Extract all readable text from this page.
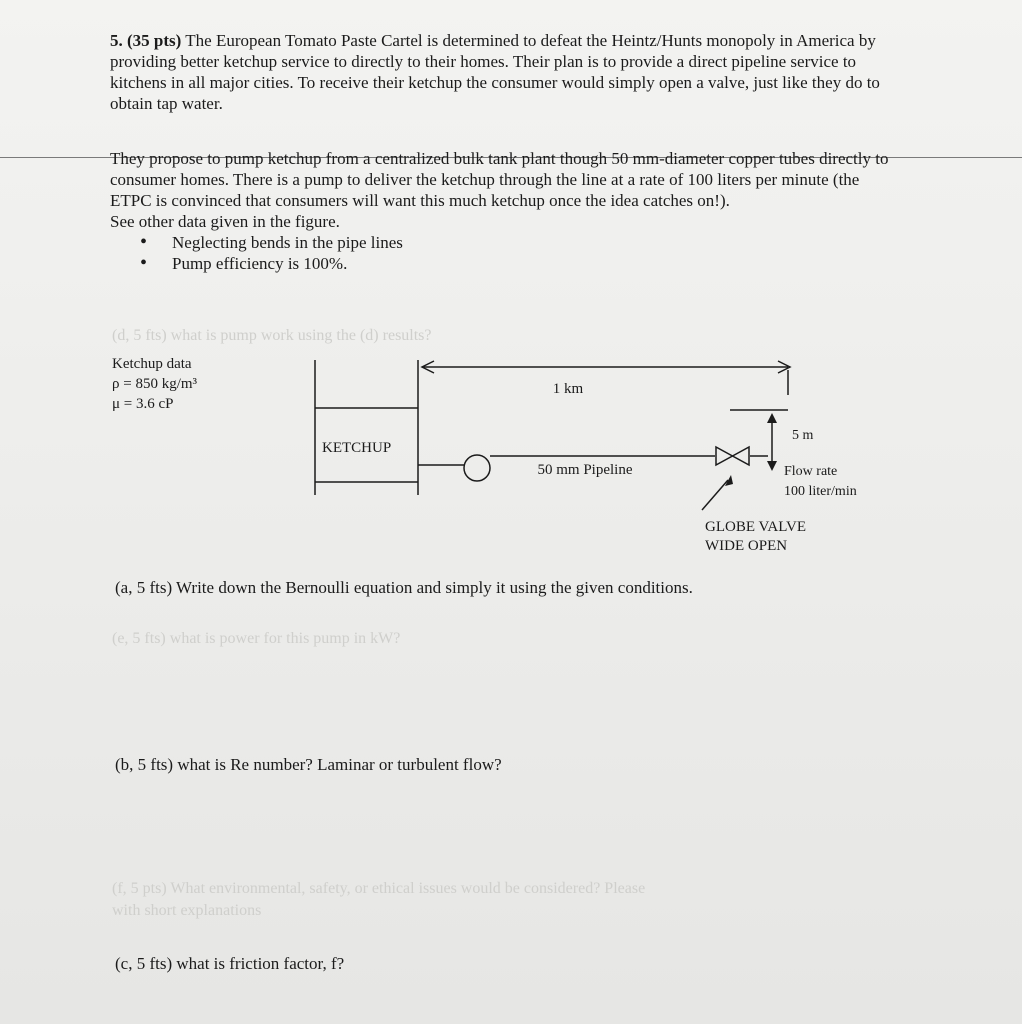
5. (35 pts) The European Tomato Paste Cartel is determined to defeat the Heintz/Hunts monopoly in America by providing better ketchup service to directly to their homes. Their plan is to provide a direct pipeline service to kitchens in all major cities. To receive their ketchup the consumer would simply open a valve, just like they do to obtain tap water.

They propose to pump ketchup from a centralized bulk tank plant though 50 mm-diameter copper tubes directly to consumer homes. There is a pump to deliver the ketchup through the line at a rate of 100 liters per minute (the ETPC is convinced that consumers will want this much ketchup once the idea catches on!).

See other data given in the figure.

• Neglecting bends in the pipe lines
• Pump efficiency is 100%.
(d, 5 fts) what is pump work using the (d) results?
(e, 5 fts) what is power for this pump in kW?
(f, 5 pts) What environmental, safety, or ethical issues would be considered? Please
with short explanations
Ketchup data
ρ = 850 kg/m³
μ = 3.6 cP
KETCHUP
1 km
50 mm Pipeline
5 m
Flow rate
100 liter/min
GLOBE VALVE
WIDE OPEN
(a, 5 fts) Write down the Bernoulli equation and simply it using the given conditions.
(b, 5 fts) what is Re number? Laminar or turbulent flow?
(c, 5 fts) what is friction factor, f?
